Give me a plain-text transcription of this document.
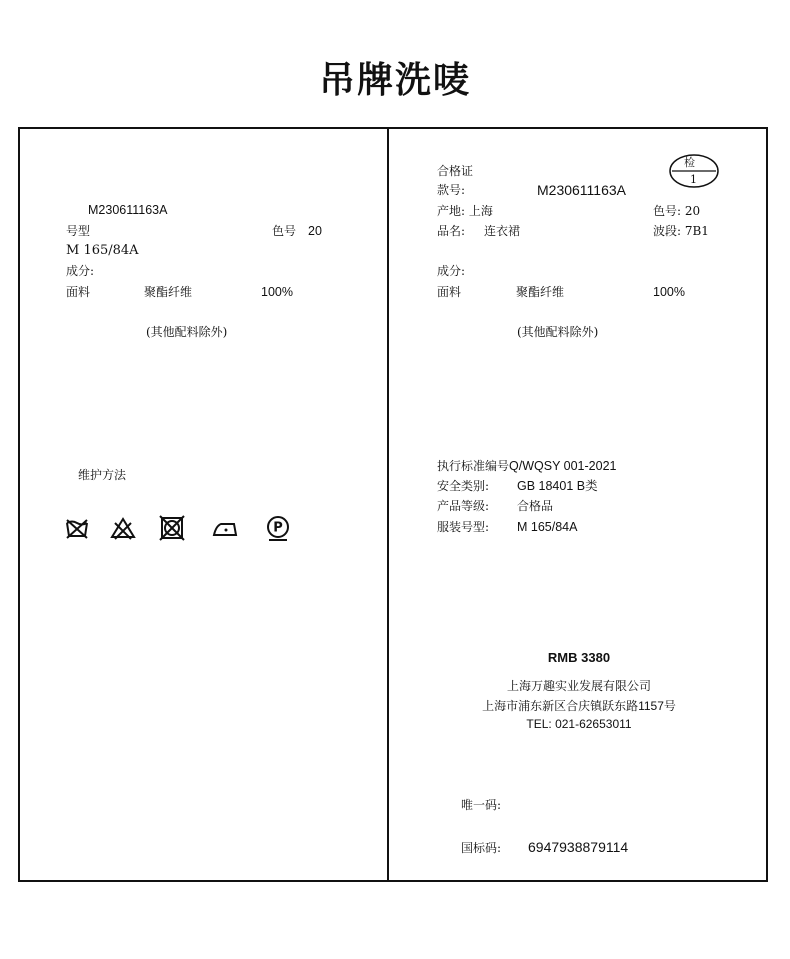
吊牌洗唛
M230611163A
号型	色号 20
M 165/84A
成分:
面料	聚酯纤维	100%
(其他配料除外)
维护方法
P
检
1
合格证
款号:	M230611163A
产地: 上海	色号: 20
品名: 连衣裙	波段: 7B1
成分:
面料	聚酯纤维	100%
(其他配料除外)
执行标准编号Q/WQSY 001-2021
安全类别: GB 18401 B类
产品等级: 合格品
服装号型: M 165/84A
RMB 3380
上海万趣实业发展有限公司
上海市浦东新区合庆镇跃东路1157号
TEL: 021-62653011
唯一码:
国标码: 6947938879114
